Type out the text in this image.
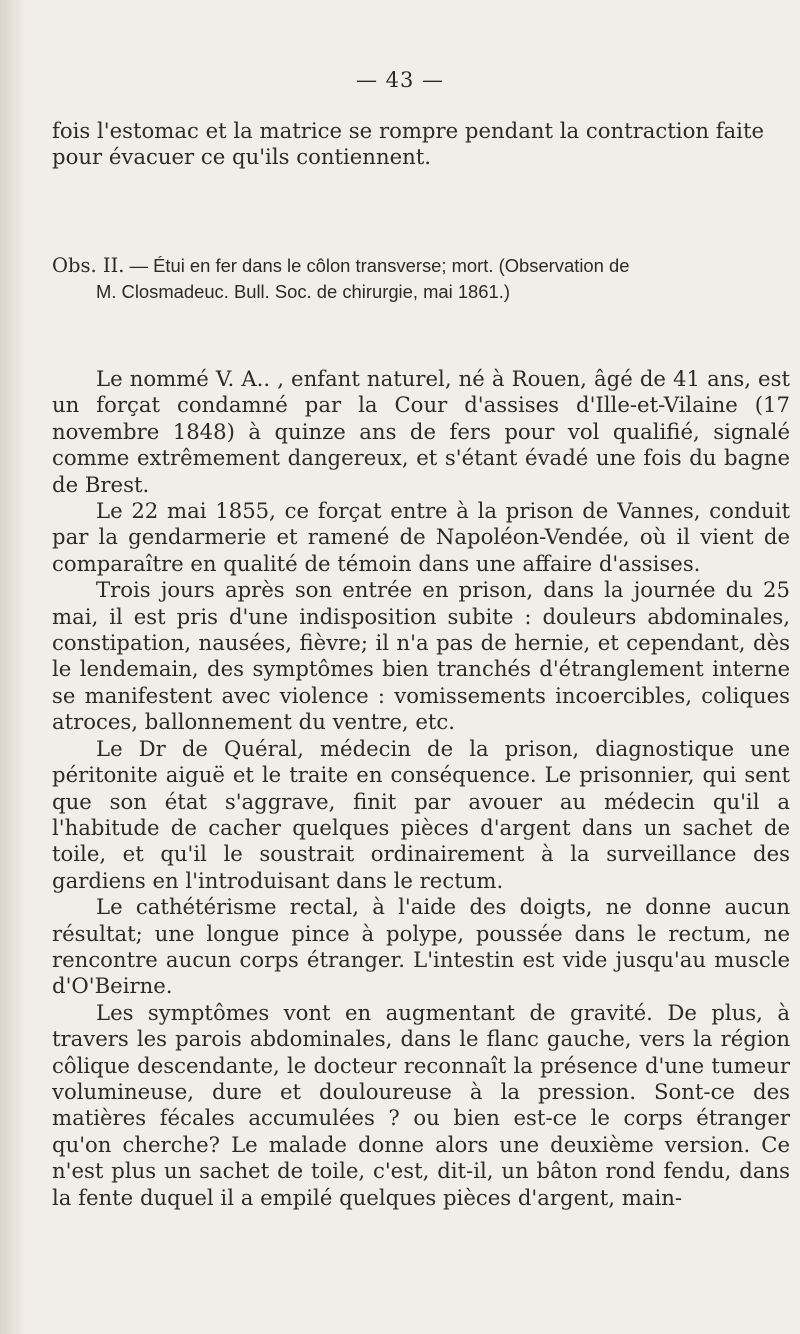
— 43 —

fois l'estomac et la matrice se rompre pendant la contraction faite

pour évacuer ce qu'ils contiennent.

Obs. II. — Étui en fer dans le côlon transverse; mort. (Observation de
M. Closmadeuc. Bull. Soc. de chirurgie, mai 1861.)

Le nommé V. A.. , enfant naturel, né à Rouen, âgé de 41 ans, est un forçat condamné par la Cour d'assises d'Ille-et-Vilaine (17 novembre 1848) à quinze ans de fers pour vol qualifié, signalé comme extrêmement dangereux, et s'étant évadé une fois du bagne de Brest.

Le 22 mai 1855, ce forçat entre à la prison de Vannes, conduit par la gendarmerie et ramené de Napoléon-Vendée, où il vient de comparaître en qualité de témoin dans une affaire d'assises.

Trois jours après son entrée en prison, dans la journée du 25 mai, il est pris d'une indisposition subite : douleurs abdominales, constipation, nausées, fièvre; il n'a pas de hernie, et cependant, dès le lendemain, des symptômes bien tranchés d'étranglement interne se manifestent avec violence : vomissements incoercibles, coliques atroces, ballonnement du ventre, etc.

Le Dr de Quéral, médecin de la prison, diagnostique une péritonite aiguë et le traite en conséquence. Le prisonnier, qui sent que son état s'aggrave, finit par avouer au médecin qu'il a l'habitude de cacher quelques pièces d'argent dans un sachet de toile, et qu'il le soustrait ordinairement à la surveillance des gardiens en l'introduisant dans le rectum.

Le cathétérisme rectal, à l'aide des doigts, ne donne aucun résultat; une longue pince à polype, poussée dans le rectum, ne rencontre aucun corps étranger. L'intestin est vide jusqu'au muscle d'O'Beirne.

Les symptômes vont en augmentant de gravité. De plus, à travers les parois abdominales, dans le flanc gauche, vers la région côlique descendante, le docteur reconnaît la présence d'une tumeur volumineuse, dure et douloureuse à la pression. Sont-ce des matières fécales accumulées ? ou bien est-ce le corps étranger qu'on cherche? Le malade donne alors une deuxième version. Ce n'est plus un sachet de toile, c'est, dit-il, un bâton rond fendu, dans la fente duquel il a empilé quelques pièces d'argent, main-
